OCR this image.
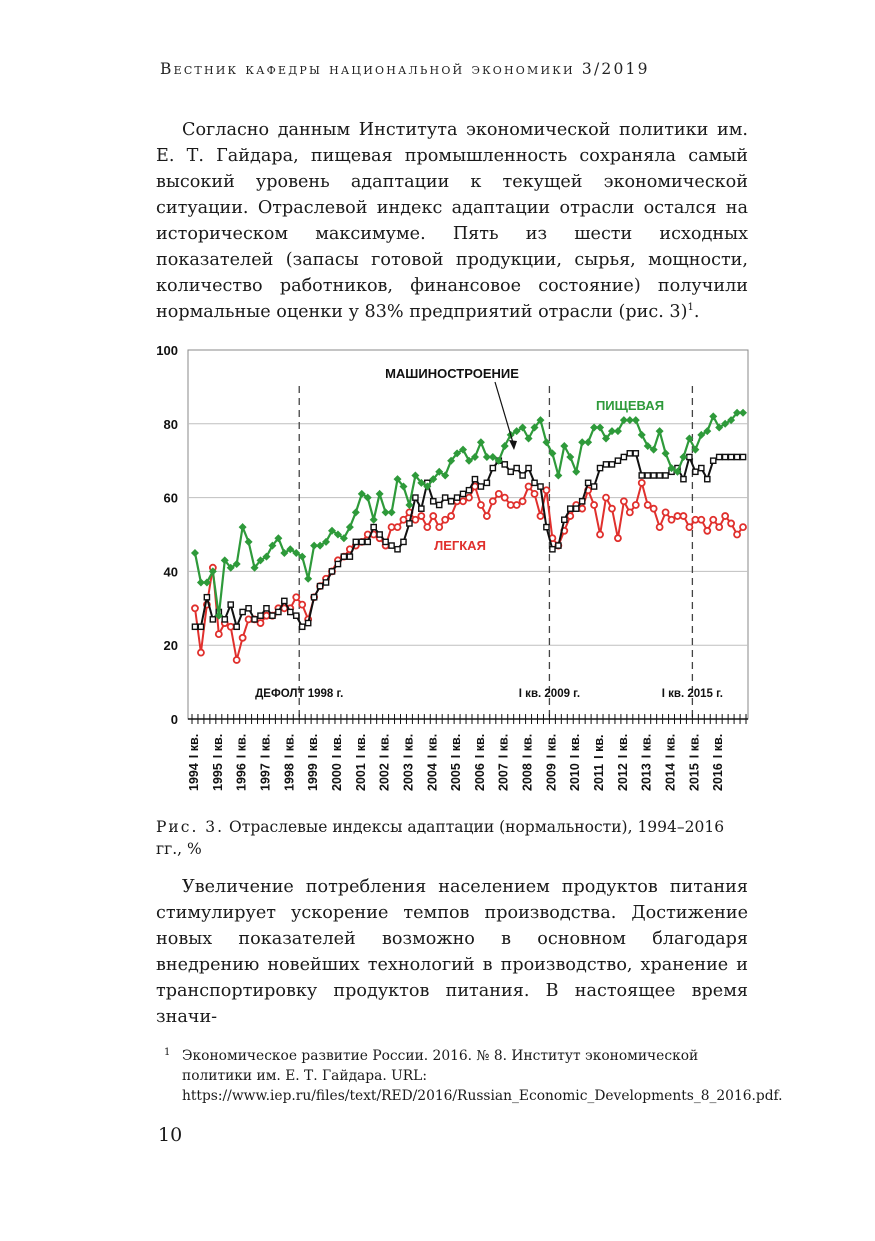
Вестник кафедры национальной экономики 3/2019

Согласно данным Института экономической политики им. Е. Т. Гайдара, пищевая промышленность сохраняла самый высокий уровень адаптации к текущей экономической ситуации. Отраслевой индекс адаптации отрасли остался на историческом максимуме. Пять из шести исходных показателей (запасы готовой продукции, сырья, мощности, количество работников, финансовое состояние) получили нормальные оценки у 83% предприятий отрасли (рис. 3)$^1$.

ДЕФОЛТ 1998 г.	I кв. 2009 г.	I кв. 2015 г.
0
20
40
60
80
100
1994I кв.
1995I кв.
1996I кв.
1997I кв.
1998I кв.
1999I кв.
2000I кв.
2001I кв.
2002I кв.
2003I кв.
2004I кв.
2005I кв.
2006I кв.
2007I кв.
2008I кв.
2009I кв.
2010I кв.
2011I кв.
2012I кв.
2013I кв.
2014I кв.
2015I кв.
2016I кв.
ПИЩЕВАЯ
МАШИНОСТРОЕНИЕ
ЛЕГКАЯ
Рис. 3. Отраслевые индексы адаптации (нормальности), 1994–2016 гг., %

Увеличение потребления населением продуктов питания стимулирует ускорение темпов производства. Достижение новых показателей возможно в основном благодаря внедрению новейших технологий в производство, хранение и транспортировку продуктов питания. В настоящее время значи-

1 Экономическое развитие России. 2016. № 8. Институт экономической политики им. Е. Т. Гайдара. URL: https://www.iep.ru/files/text/RED/2016/Russian_Economic_Developments_8_2016.pdf.
10
